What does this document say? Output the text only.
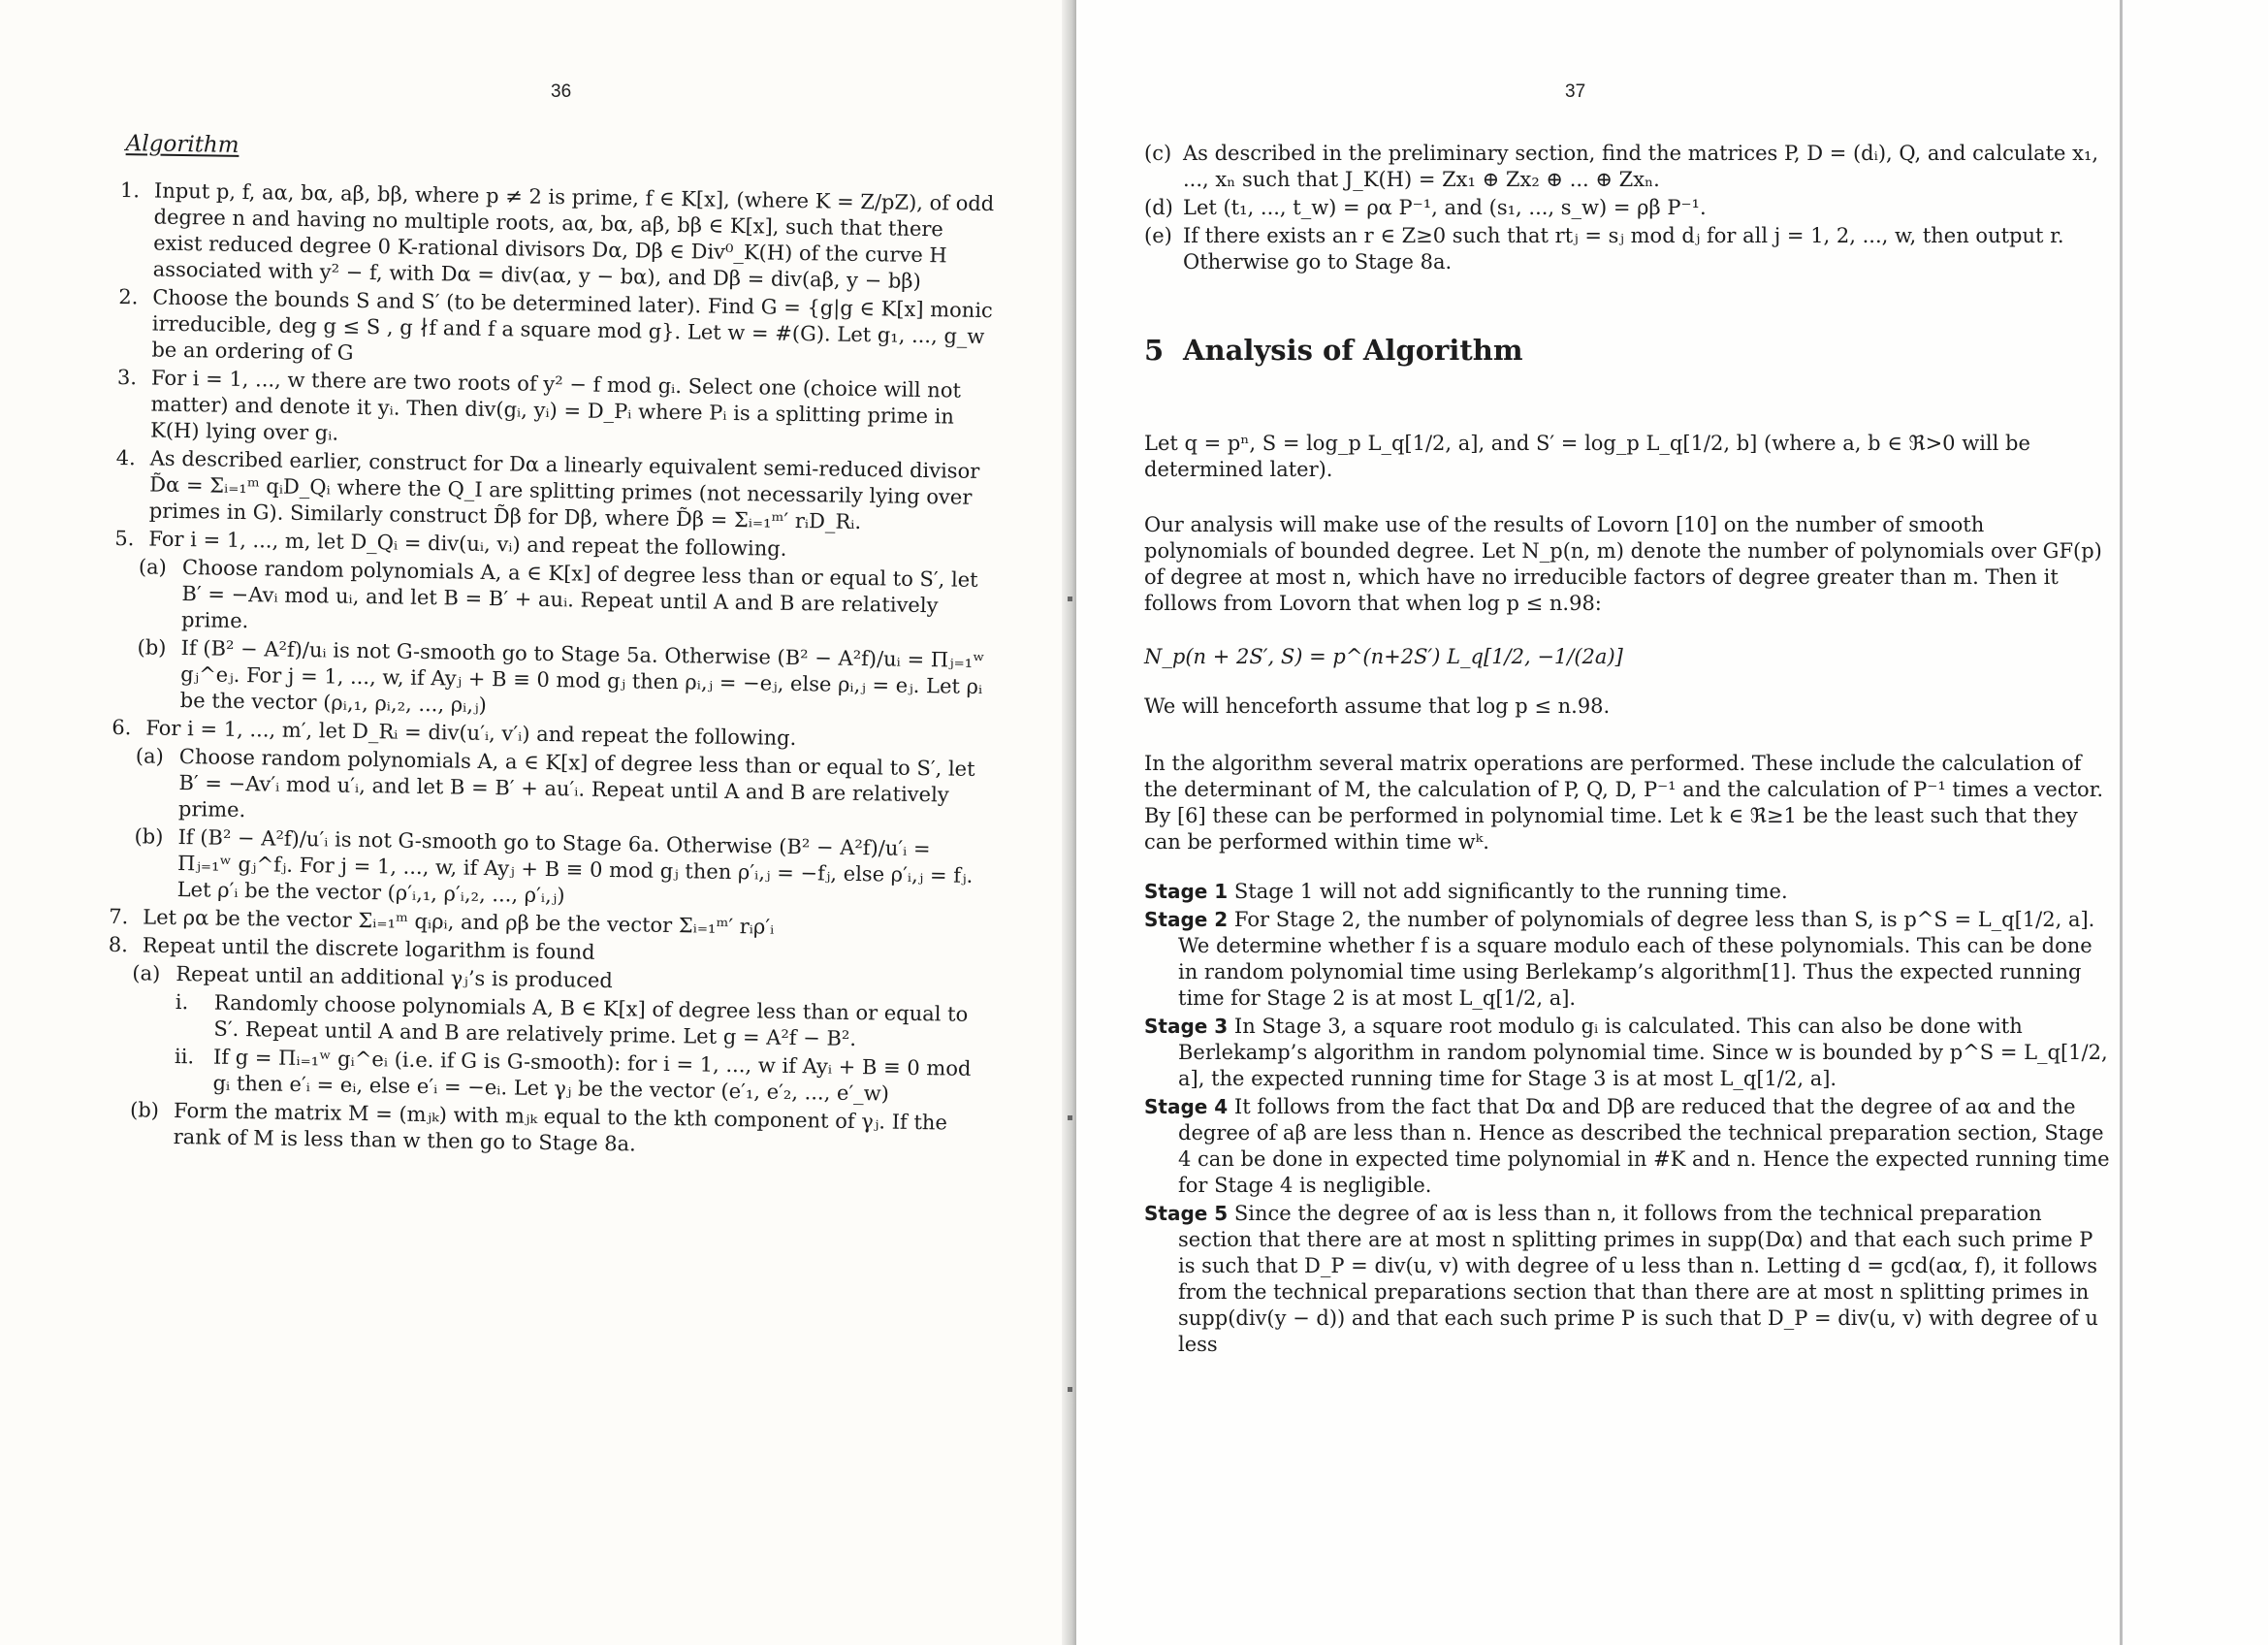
36
Algorithm
1. Input p, f, aα, bα, aβ, bβ, where p ≠ 2 is prime, f ∈ K[x], (where K = Z/pZ), of odd degree n and having no multiple roots, aα, bα, aβ, bβ ∈ K[x], such that there exist reduced degree 0 K-rational divisors Dα, Dβ ∈ Div⁰_K(H) of the curve H associated with y² − f, with Dα = div(aα, y − bα), and Dβ = div(aβ, y − bβ)
2. Choose the bounds S and S′ (to be determined later). Find G = {g|g ∈ K[x] monic irreducible, deg g ≤ S , g ∤f and f a square mod g}. Let w = #(G). Let g₁, ..., g_w be an ordering of G
3. For i = 1, ..., w there are two roots of y² − f mod gᵢ. Select one (choice will not matter) and denote it yᵢ. Then div(gᵢ, yᵢ) = D_Pᵢ where Pᵢ is a splitting prime in K(H) lying over gᵢ.
4. As described earlier, construct for Dα a linearly equivalent semi-reduced divisor D̃α = Σᵢ₌₁ᵐ qᵢD_Qᵢ where the Q_I are splitting primes (not necessarily lying over primes in G). Similarly construct D̃β for Dβ, where D̃β = Σᵢ₌₁ᵐ′ rᵢD_Rᵢ.
5. For i = 1, ..., m, let D_Qᵢ = div(uᵢ, vᵢ) and repeat the following.
(a) Choose random polynomials A, a ∈ K[x] of degree less than or equal to S′, let B′ = −Avᵢ mod uᵢ, and let B = B′ + auᵢ. Repeat until A and B are relatively prime.
(b) If (B² − A²f)/uᵢ is not G-smooth go to Stage 5a. Otherwise (B² − A²f)/uᵢ = Πⱼ₌₁ʷ gⱼ^eⱼ. For j = 1, ..., w, if Ayⱼ + B ≡ 0 mod gⱼ then ρᵢ,ⱼ = −eⱼ, else ρᵢ,ⱼ = eⱼ. Let ρᵢ be the vector (ρᵢ,₁, ρᵢ,₂, ..., ρᵢ,ⱼ)
6. For i = 1, ..., m′, let D_Rᵢ = div(u′ᵢ, v′ᵢ) and repeat the following.
(a) Choose random polynomials A, a ∈ K[x] of degree less than or equal to S′, let B′ = −Av′ᵢ mod u′ᵢ, and let B = B′ + au′ᵢ. Repeat until A and B are relatively prime.
(b) If (B² − A²f)/u′ᵢ is not G-smooth go to Stage 6a. Otherwise (B² − A²f)/u′ᵢ = Πⱼ₌₁ʷ gⱼ^fⱼ. For j = 1, ..., w, if Ayⱼ + B ≡ 0 mod gⱼ then ρ′ᵢ,ⱼ = −fⱼ, else ρ′ᵢ,ⱼ = fⱼ. Let ρ′ᵢ be the vector (ρ′ᵢ,₁, ρ′ᵢ,₂, ..., ρ′ᵢ,ⱼ)
7. Let ρα be the vector Σᵢ₌₁ᵐ qᵢρᵢ, and ρβ be the vector Σᵢ₌₁ᵐ′ rᵢρ′ᵢ
8. Repeat until the discrete logarithm is found
(a) Repeat until an additional γⱼ’s is produced
i. Randomly choose polynomials A, B ∈ K[x] of degree less than or equal to S′. Repeat until A and B are relatively prime. Let g = A²f − B².
ii. If g = Πᵢ₌₁ʷ gᵢ^eᵢ (i.e. if G is G-smooth): for i = 1, ..., w if Ayᵢ + B ≡ 0 mod gᵢ then e′ᵢ = eᵢ, else e′ᵢ = −eᵢ. Let γⱼ be the vector (e′₁, e′₂, ..., e′_w)
(b) Form the matrix M = (mⱼₖ) with mⱼₖ equal to the kth component of γⱼ. If the rank of M is less than w then go to Stage 8a.
37
(c) As described in the preliminary section, find the matrices P, D = (dᵢ), Q, and calculate x₁, ..., xₙ such that J_K(H) = Zx₁ ⊕ Zx₂ ⊕ ... ⊕ Zxₙ.
(d) Let (t₁, ..., t_w) = ρα P⁻¹, and (s₁, ..., s_w) = ρβ P⁻¹.
(e) If there exists an r ∈ Z≥0 such that rtⱼ = sⱼ mod dⱼ for all j = 1, 2, ..., w, then output r. Otherwise go to Stage 8a.
5 Analysis of Algorithm

Let q = pⁿ, S = log_p L_q[1/2, a], and S′ = log_p L_q[1/2, b] (where a, b ∈ ℜ>0 will be determined later).

Our analysis will make use of the results of Lovorn [10] on the number of smooth polynomials of bounded degree. Let N_p(n, m) denote the number of polynomials over GF(p) of degree at most n, which have no irreducible factors of degree greater than m. Then it follows from Lovorn that when log p ≤ n.98:

N_p(n + 2S′, S) = p^(n+2S′) L_q[1/2, −1/(2a)]

We will henceforth assume that log p ≤ n.98.

In the algorithm several matrix operations are performed. These include the calculation of the determinant of M, the calculation of P, Q, D, P⁻¹ and the calculation of P⁻¹ times a vector. By [6] these can be performed in polynomial time. Let k ∈ ℜ≥1 be the least such that they can be performed within time wᵏ.

Stage 1 Stage 1 will not add significantly to the running time.
Stage 2 For Stage 2, the number of polynomials of degree less than S, is p^S = L_q[1/2, a]. We determine whether f is a square modulo each of these polynomials. This can be done in random polynomial time using Berlekamp’s algorithm[1]. Thus the expected running time for Stage 2 is at most L_q[1/2, a].
Stage 3 In Stage 3, a square root modulo gᵢ is calculated. This can also be done with Berlekamp’s algorithm in random polynomial time. Since w is bounded by p^S = L_q[1/2, a], the expected running time for Stage 3 is at most L_q[1/2, a].
Stage 4 It follows from the fact that Dα and Dβ are reduced that the degree of aα and the degree of aβ are less than n. Hence as described the technical preparation section, Stage 4 can be done in expected time polynomial in #K and n. Hence the expected running time for Stage 4 is negligible.
Stage 5 Since the degree of aα is less than n, it follows from the technical preparation section that there are at most n splitting primes in supp(Dα) and that each such prime P is such that D_P = div(u, v) with degree of u less than n. Letting d = gcd(aα, f), it follows from the technical preparations section that than there are at most n splitting primes in supp(div(y − d)) and that each such prime P is such that D_P = div(u, v) with degree of u less
